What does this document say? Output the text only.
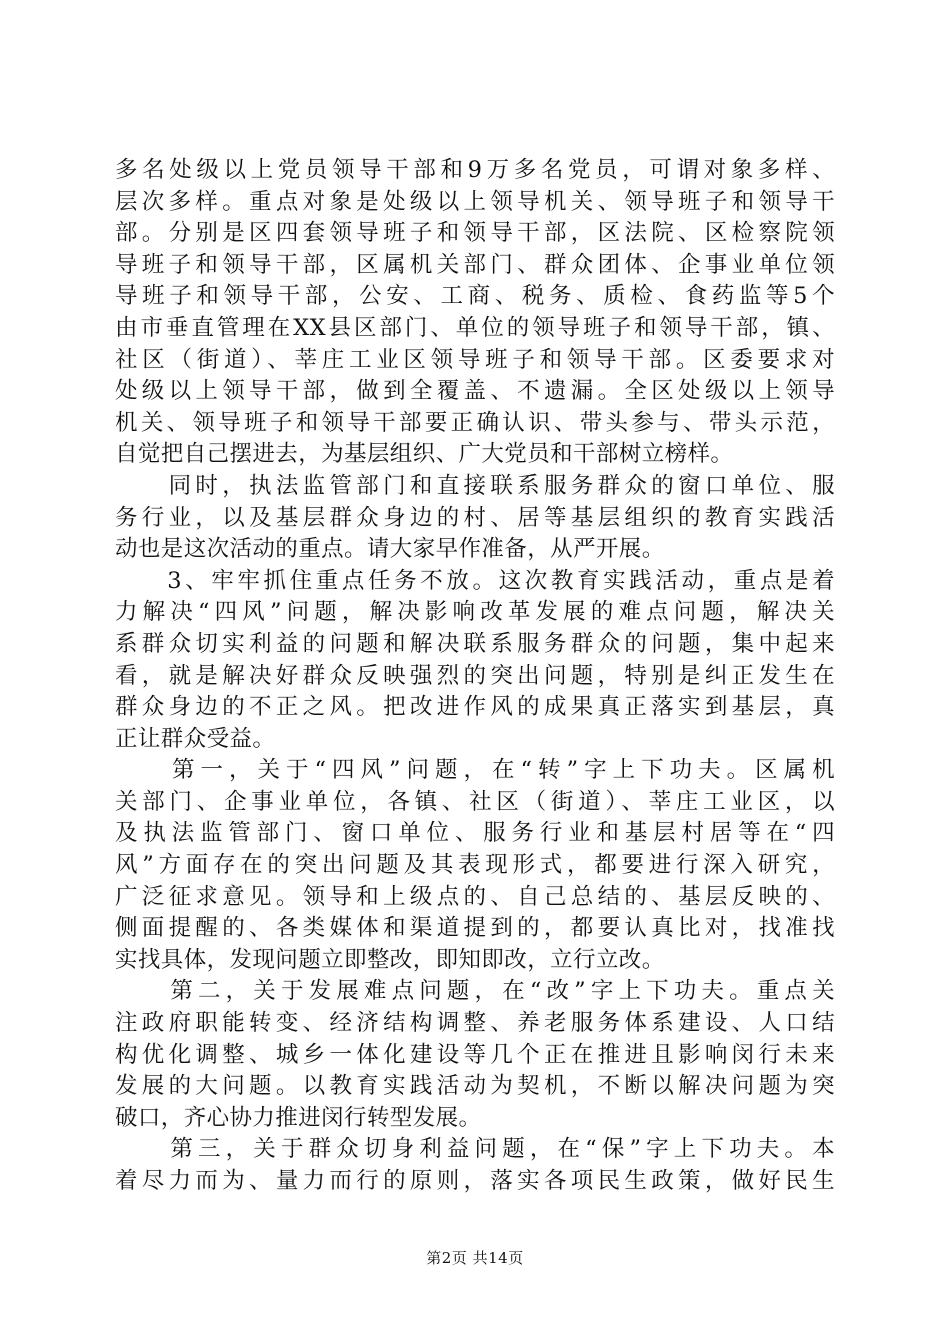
多名处级以上党员领导干部和9万多名党员，可谓对象多样、
层次多样。重点对象是处级以上领导机关、领导班子和领导干
部。分别是区四套领导班子和领导干部，区法院、区检察院领
导班子和领导干部，区属机关部门、群众团体、企事业单位领
导班子和领导干部，公安、工商、税务、质检、食药监等5个
由市垂直管理在XX县区部门、单位的领导班子和领导干部，镇、
社区（街道）、莘庄工业区领导班子和领导干部。区委要求对
处级以上领导干部，做到全覆盖、不遗漏。全区处级以上领导
机关、领导班子和领导干部要正确认识、带头参与、带头示范，
自觉把自己摆进去，为基层组织、广大党员和干部树立榜样。
　　同时，执法监管部门和直接联系服务群众的窗口单位、服
务行业，以及基层群众身边的村、居等基层组织的教育实践活
动也是这次活动的重点。请大家早作准备，从严开展。
　　3、牢牢抓住重点任务不放。这次教育实践活动，重点是着
力解决“四风”问题，解决影响改革发展的难点问题，解决关
系群众切实利益的问题和解决联系服务群众的问题，集中起来
看，就是解决好群众反映强烈的突出问题，特别是纠正发生在
群众身边的不正之风。把改进作风的成果真正落实到基层，真
正让群众受益。
　　第一，关于“四风”问题，在“转”字上下功夫。区属机
关部门、企事业单位，各镇、社区（街道）、莘庄工业区，以
及执法监管部门、窗口单位、服务行业和基层村居等在“四
风”方面存在的突出问题及其表现形式，都要进行深入研究，
广泛征求意见。领导和上级点的、自己总结的、基层反映的、
侧面提醒的、各类媒体和渠道提到的，都要认真比对，找准找
实找具体，发现问题立即整改，即知即改，立行立改。
　　第二，关于发展难点问题，在“改”字上下功夫。重点关
注政府职能转变、经济结构调整、养老服务体系建设、人口结
构优化调整、城乡一体化建设等几个正在推进且影响闵行未来
发展的大问题。以教育实践活动为契机，不断以解决问题为突
破口，齐心协力推进闵行转型发展。
　　第三，关于群众切身利益问题，在“保”字上下功夫。本
着尽力而为、量力而行的原则，落实各项民生政策，做好民生
第2页 共14页
